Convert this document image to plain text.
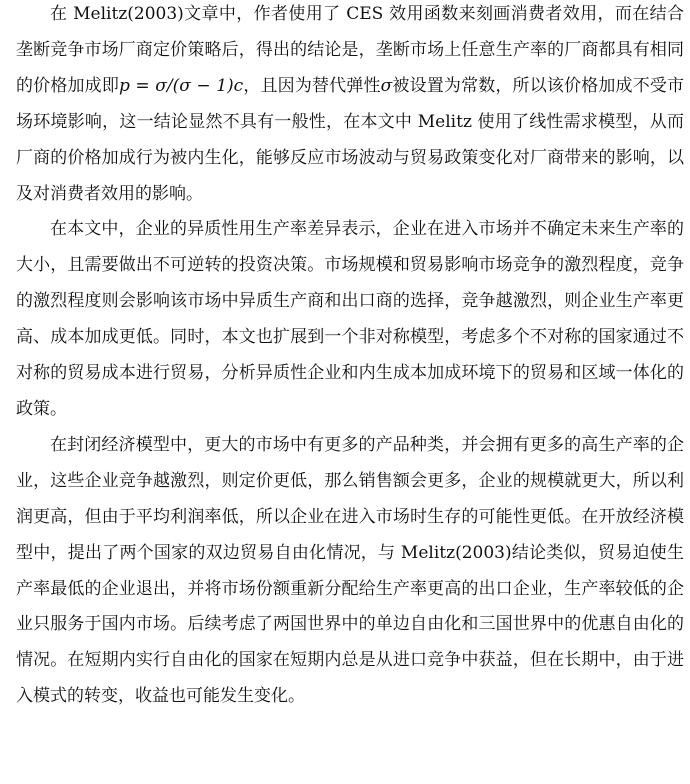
在 Melitz(2003)文章中，作者使用了 CES 效用函数来刻画消费者效用，而在结合垄断竞争市场厂商定价策略后，得出的结论是，垄断市场上任意生产率的厂商都具有相同的价格加成即p = σ/(σ − 1)c，且因为替代弹性σ被设置为常数，所以该价格加成不受市场环境影响，这一结论显然不具有一般性，在本文中 Melitz 使用了线性需求模型，从而厂商的价格加成行为被内生化，能够反应市场波动与贸易政策变化对厂商带来的影响，以及对消费者效用的影响。

在本文中，企业的异质性用生产率差异表示，企业在进入市场并不确定未来生产率的大小，且需要做出不可逆转的投资决策。市场规模和贸易影响市场竞争的激烈程度，竞争的激烈程度则会影响该市场中异质生产商和出口商的选择，竞争越激烈，则企业生产率更高、成本加成更低。同时，本文也扩展到一个非对称模型，考虑多个不对称的国家通过不对称的贸易成本进行贸易，分析异质性企业和内生成本加成环境下的贸易和区域一体化的政策。

在封闭经济模型中，更大的市场中有更多的产品种类，并会拥有更多的高生产率的企业，这些企业竞争越激烈，则定价更低，那么销售额会更多，企业的规模就更大，所以利润更高，但由于平均利润率低，所以企业在进入市场时生存的可能性更低。在开放经济模型中，提出了两个国家的双边贸易自由化情况，与 Melitz(2003)结论类似，贸易迫使生产率最低的企业退出，并将市场份额重新分配给生产率更高的出口企业，生产率较低的企业只服务于国内市场。后续考虑了两国世界中的单边自由化和三国世界中的优惠自由化的情况。在短期内实行自由化的国家在短期内总是从进口竞争中获益，但在长期中，由于进入模式的转变，收益也可能发生变化。
